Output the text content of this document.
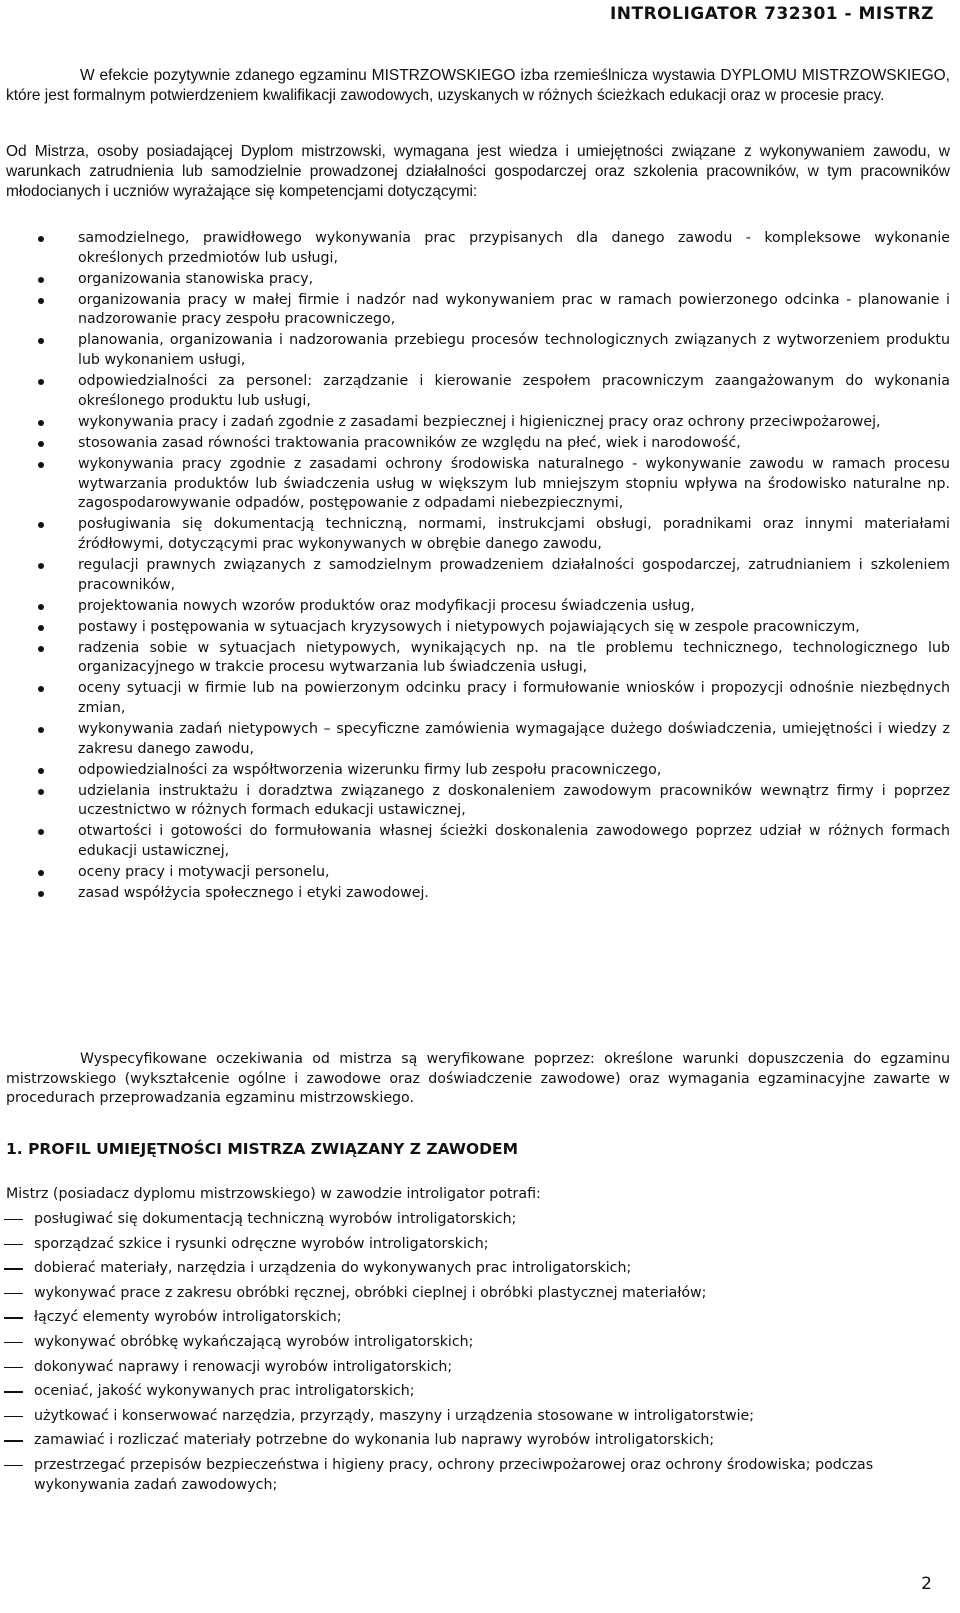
INTROLIGATOR 732301 - MISTRZ
W efekcie pozytywnie zdanego egzaminu MISTRZOWSKIEGO izba rzemieślnicza wystawia DYPLOMU MISTRZOWSKIEGO, które jest formalnym potwierdzeniem kwalifikacji zawodowych, uzyskanych w różnych ścieżkach edukacji oraz w procesie pracy.
Od Mistrza, osoby posiadającej Dyplom mistrzowski, wymagana jest wiedza i umiejętności związane z wykonywaniem zawodu, w warunkach zatrudnienia lub samodzielnie prowadzonej działalności gospodarczej oraz szkolenia pracowników, w tym pracowników młodocianych i uczniów wyrażające się kompetencjami dotyczącymi:
samodzielnego, prawidłowego wykonywania prac przypisanych dla danego zawodu - kompleksowe wykonanie określonych przedmiotów lub usługi,
organizowania stanowiska pracy,
organizowania pracy w małej firmie i nadzór nad wykonywaniem prac w ramach powierzonego odcinka - planowanie i nadzorowanie pracy zespołu pracowniczego,
planowania, organizowania i nadzorowania przebiegu procesów technologicznych związanych z wytworzeniem produktu lub wykonaniem usługi,
odpowiedzialności za personel: zarządzanie i kierowanie zespołem pracowniczym zaangażowanym do wykonania określonego produktu lub usługi,
wykonywania pracy i zadań zgodnie z zasadami bezpiecznej i higienicznej pracy oraz ochrony przeciwpożarowej,
stosowania zasad równości traktowania pracowników ze względu na płeć, wiek i narodowość,
wykonywania pracy zgodnie z zasadami ochrony środowiska naturalnego - wykonywanie zawodu w ramach procesu wytwarzania produktów lub świadczenia usług w większym lub mniejszym stopniu wpływa na środowisko naturalne np. zagospodarowywanie odpadów, postępowanie z odpadami niebezpiecznymi,
posługiwania się dokumentacją techniczną, normami, instrukcjami obsługi, poradnikami oraz innymi materiałami źródłowymi, dotyczącymi prac wykonywanych w obrębie danego zawodu,
regulacji prawnych związanych z samodzielnym prowadzeniem działalności gospodarczej, zatrudnianiem i szkoleniem pracowników,
projektowania nowych wzorów produktów oraz modyfikacji procesu świadczenia usług,
postawy i postępowania w sytuacjach kryzysowych i nietypowych pojawiających się w zespole pracowniczym,
radzenia sobie w sytuacjach nietypowych, wynikających np. na tle problemu technicznego, technologicznego lub organizacyjnego w trakcie procesu wytwarzania lub świadczenia usługi,
oceny sytuacji w firmie lub na powierzonym odcinku pracy i formułowanie wniosków i propozycji odnośnie niezbędnych zmian,
wykonywania zadań nietypowych – specyficzne zamówienia wymagające dużego doświadczenia, umiejętności i wiedzy z zakresu danego zawodu,
odpowiedzialności za współtworzenia wizerunku firmy lub zespołu pracowniczego,
udzielania instruktażu i doradztwa związanego z doskonaleniem zawodowym pracowników wewnątrz firmy i poprzez uczestnictwo w różnych formach edukacji ustawicznej,
otwartości i gotowości do formułowania własnej ścieżki doskonalenia zawodowego poprzez udział w różnych formach edukacji ustawicznej,
oceny pracy i motywacji personelu,
zasad współżycia społecznego i etyki zawodowej.
Wyspecyfikowane oczekiwania od mistrza są weryfikowane poprzez: określone warunki dopuszczenia do egzaminu mistrzowskiego (wykształcenie ogólne i zawodowe oraz doświadczenie zawodowe) oraz wymagania egzaminacyjne zawarte w procedurach przeprowadzania egzaminu mistrzowskiego.
1. PROFIL UMIEJĘTNOŚCI MISTRZA ZWIĄZANY Z ZAWODEM
Mistrz (posiadacz dyplomu mistrzowskiego) w zawodzie introligator potrafi:
posługiwać się dokumentacją techniczną wyrobów introligatorskich;
sporządzać szkice i rysunki odręczne wyrobów introligatorskich;
dobierać materiały, narzędzia i urządzenia do wykonywanych prac introligatorskich;
wykonywać prace z zakresu obróbki ręcznej, obróbki cieplnej i obróbki plastycznej materiałów;
łączyć elementy wyrobów introligatorskich;
wykonywać obróbkę wykańczającą wyrobów introligatorskich;
dokonywać naprawy i renowacji wyrobów introligatorskich;
oceniać, jakość wykonywanych prac introligatorskich;
użytkować i konserwować narzędzia, przyrządy, maszyny i urządzenia stosowane w introligatorstwie;
zamawiać i rozliczać materiały potrzebne do wykonania lub naprawy wyrobów introligatorskich;
przestrzegać przepisów bezpieczeństwa i higieny pracy, ochrony przeciwpożarowej oraz ochrony środowiska; podczas wykonywania zadań zawodowych;
2
